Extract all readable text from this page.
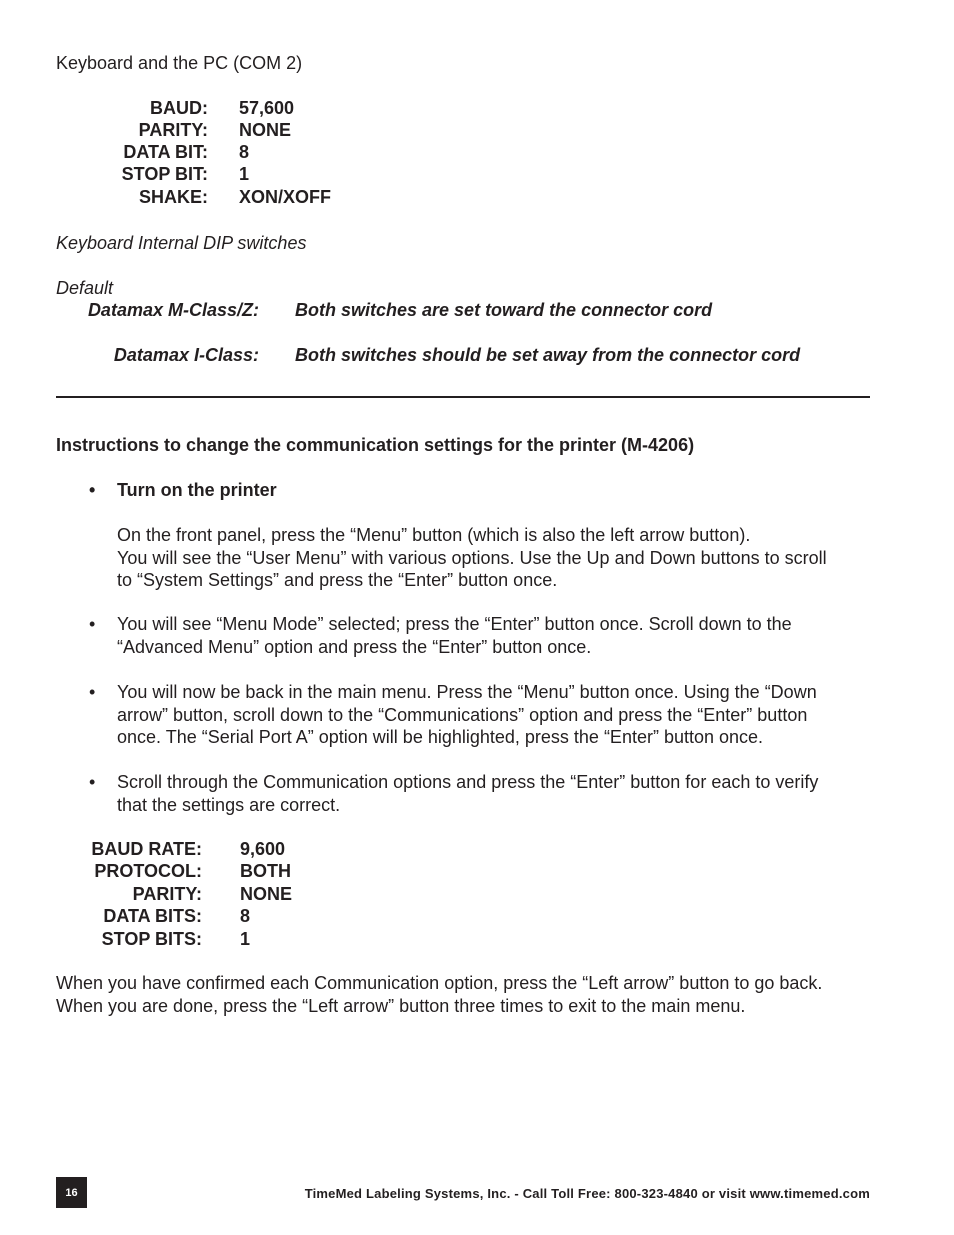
Keyboard and the PC (COM 2)
BAUD: 57,600
PARITY: NONE
DATA BIT: 8
STOP BIT: 1
SHAKE: XON/XOFF
Keyboard Internal DIP switches
Default
Datamax M-Class/Z: Both switches are set toward the connector cord
Datamax I-Class: Both switches should be set away from the connector cord
Instructions to change the communication settings for the printer (M-4206)
• Turn on the printer
On the front panel, press the “Menu” button (which is also the left arrow button).
You will see the “User Menu” with various options. Use the Up and Down buttons to scroll
to “System Settings” and press the “Enter” button once.
• You will see “Menu Mode” selected; press the “Enter” button once. Scroll down to the
“Advanced Menu” option and press the “Enter” button once.
• You will now be back in the main menu. Press the “Menu” button once. Using the “Down
arrow” button, scroll down to the “Communications” option and press the “Enter” button
once. The “Serial Port A” option will be highlighted, press the “Enter” button once.
• Scroll through the Communication options and press the “Enter” button for each to verify
that the settings are correct.
BAUD RATE: 9,600
PROTOCOL: BOTH
PARITY: NONE
DATA BITS: 8
STOP BITS: 1
When you have confirmed each Communication option, press the “Left arrow” button to go back.
When you are done, press the “Left arrow” button three times to exit to the main menu.
16	TimeMed Labeling Systems, Inc. - Call Toll Free: 800-323-4840 or visit www.timemed.com
